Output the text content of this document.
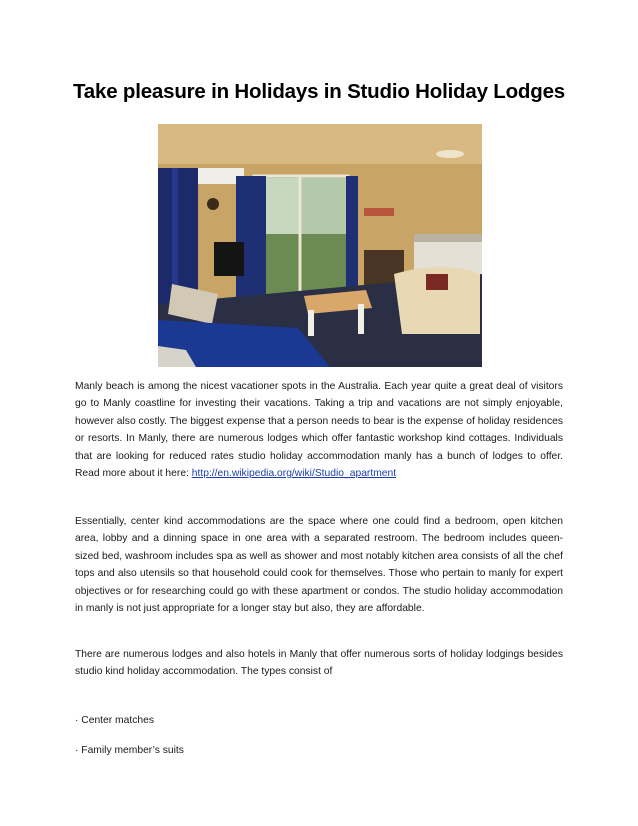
Take pleasure in Holidays in Studio Holiday Lodges

Manly beach is among the nicest vacationer spots in the Australia. Each year quite a great deal of visitors go to Manly coastline for investing their vacations. Taking a trip and vacations are not simply enjoyable, however also costly. The biggest expense that a person needs to bear is the expense of holiday residences or resorts. In Manly, there are numerous lodges which offer fantastic workshop kind cottages. Individuals that are looking for reduced rates studio holiday accommodation manly has a bunch of lodges to offer. Read more about it here: http://en.wikipedia.org/wiki/Studio_apartment

Essentially, center kind accommodations are the space where one could find a bedroom, open kitchen area, lobby and a dinning space in one area with a separated restroom. The bedroom includes queen-sized bed, washroom includes spa as well as shower and most notably kitchen area consists of all the chef tops and also utensils so that household could cook for themselves. Those who pertain to manly for expert objectives or for researching could go with these apartment or condos. The studio holiday accommodation in manly is not just appropriate for a longer stay but also, they are affordable.

There are numerous lodges and also hotels in Manly that offer numerous sorts of holiday lodgings besides studio kind holiday accommodation. The types consist of

· Center matches

· Family member’s suits
